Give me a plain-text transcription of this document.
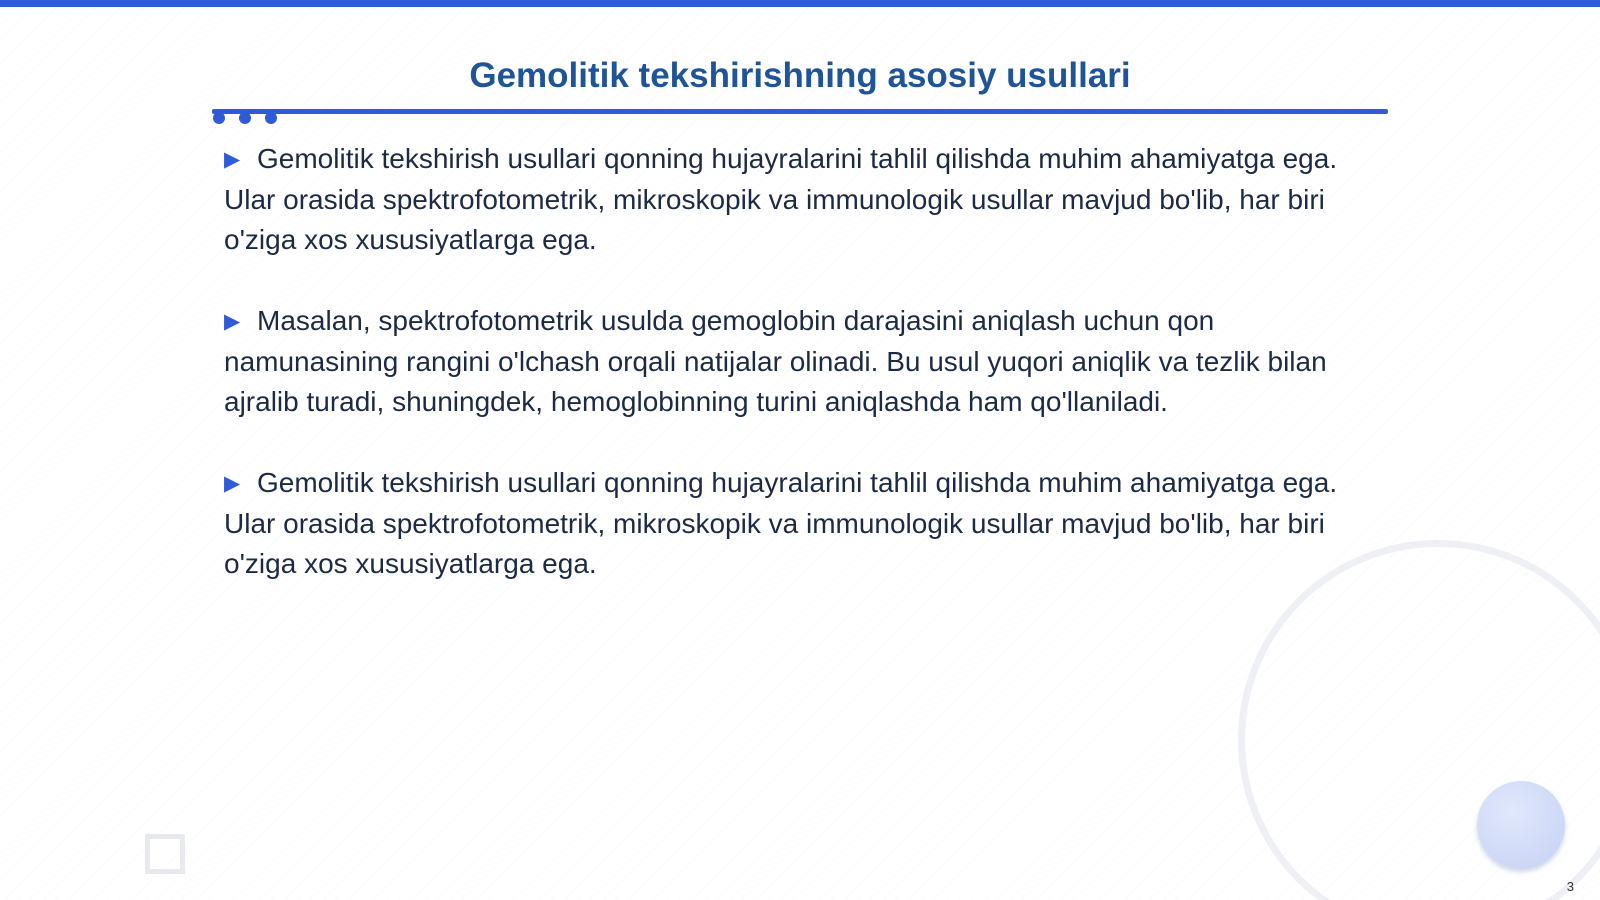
Gemolitik tekshirishning asosiy usullari

▶ Gemolitik tekshirish usullari qonning hujayralarini tahlil qilishda muhim ahamiyatga ega. Ular orasida spektrofotometrik, mikroskopik va immunologik usullar mavjud bo'lib, har biri o'ziga xos xususiyatlarga ega.

▶ Masalan, spektrofotometrik usulda gemoglobin darajasini aniqlash uchun qon namunasining rangini o'lchash orqali natijalar olinadi. Bu usul yuqori aniqlik va tezlik bilan ajralib turadi, shuningdek, hemoglobinning turini aniqlashda ham qo'llaniladi.

▶ Gemolitik tekshirish usullari qonning hujayralarini tahlil qilishda muhim ahamiyatga ega. Ular orasida spektrofotometrik, mikroskopik va immunologik usullar mavjud bo'lib, har biri o'ziga xos xususiyatlarga ega.

3
